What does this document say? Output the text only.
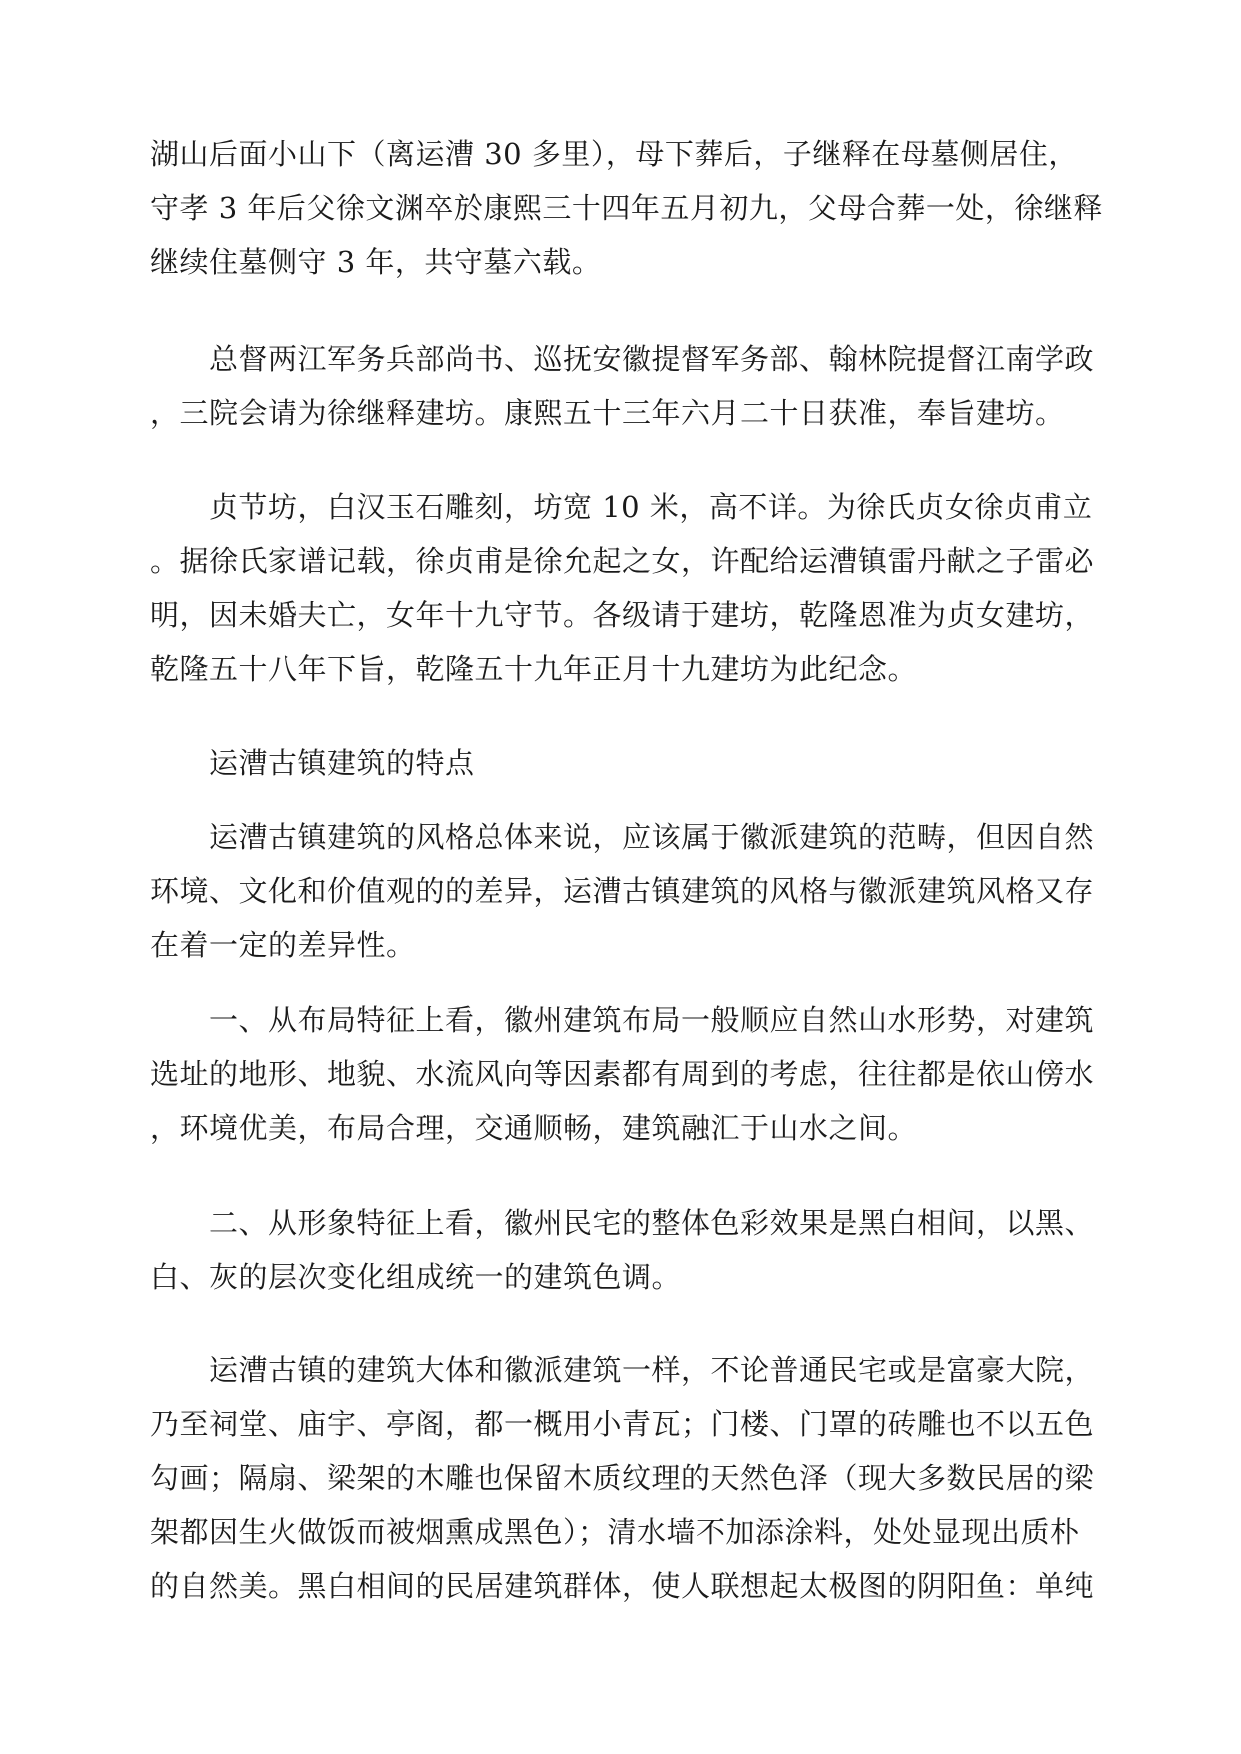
湖山后面小山下（离运漕 30 多里），母下葬后，子继释在母墓侧居住，
守孝 3 年后父徐文渊卒於康熙三十四年五月初九，父母合葬一处，徐继释
继续住墓侧守 3 年，共守墓六载。
　　总督两江军务兵部尚书、巡抚安徽提督军务部、翰林院提督江南学政
，三院会请为徐继释建坊。康熙五十三年六月二十日获准，奉旨建坊。
　　贞节坊，白汉玉石雕刻，坊宽 10 米，高不详。为徐氏贞女徐贞甫立
。据徐氏家谱记载，徐贞甫是徐允起之女，许配给运漕镇雷丹献之子雷必
明，因未婚夫亡，女年十九守节。各级请于建坊，乾隆恩准为贞女建坊，
乾隆五十八年下旨，乾隆五十九年正月十九建坊为此纪念。
　　运漕古镇建筑的特点
　　运漕古镇建筑的风格总体来说，应该属于徽派建筑的范畴，但因自然
环境、文化和价值观的的差异，运漕古镇建筑的风格与徽派建筑风格又存
在着一定的差异性。
　　一、从布局特征上看，徽州建筑布局一般顺应自然山水形势，对建筑
选址的地形、地貌、水流风向等因素都有周到的考虑，往往都是依山傍水
，环境优美，布局合理，交通顺畅，建筑融汇于山水之间。
　　二、从形象特征上看，徽州民宅的整体色彩效果是黑白相间，以黑、
白、灰的层次变化组成统一的建筑色调。
　　运漕古镇的建筑大体和徽派建筑一样，不论普通民宅或是富豪大院，
乃至祠堂、庙宇、亭阁，都一概用小青瓦；门楼、门罩的砖雕也不以五色
勾画；隔扇、梁架的木雕也保留木质纹理的天然色泽（现大多数民居的梁
架都因生火做饭而被烟熏成黑色）；清水墙不加添涂料，处处显现出质朴
的自然美。黑白相间的民居建筑群体，使人联想起太极图的阴阳鱼：单纯
